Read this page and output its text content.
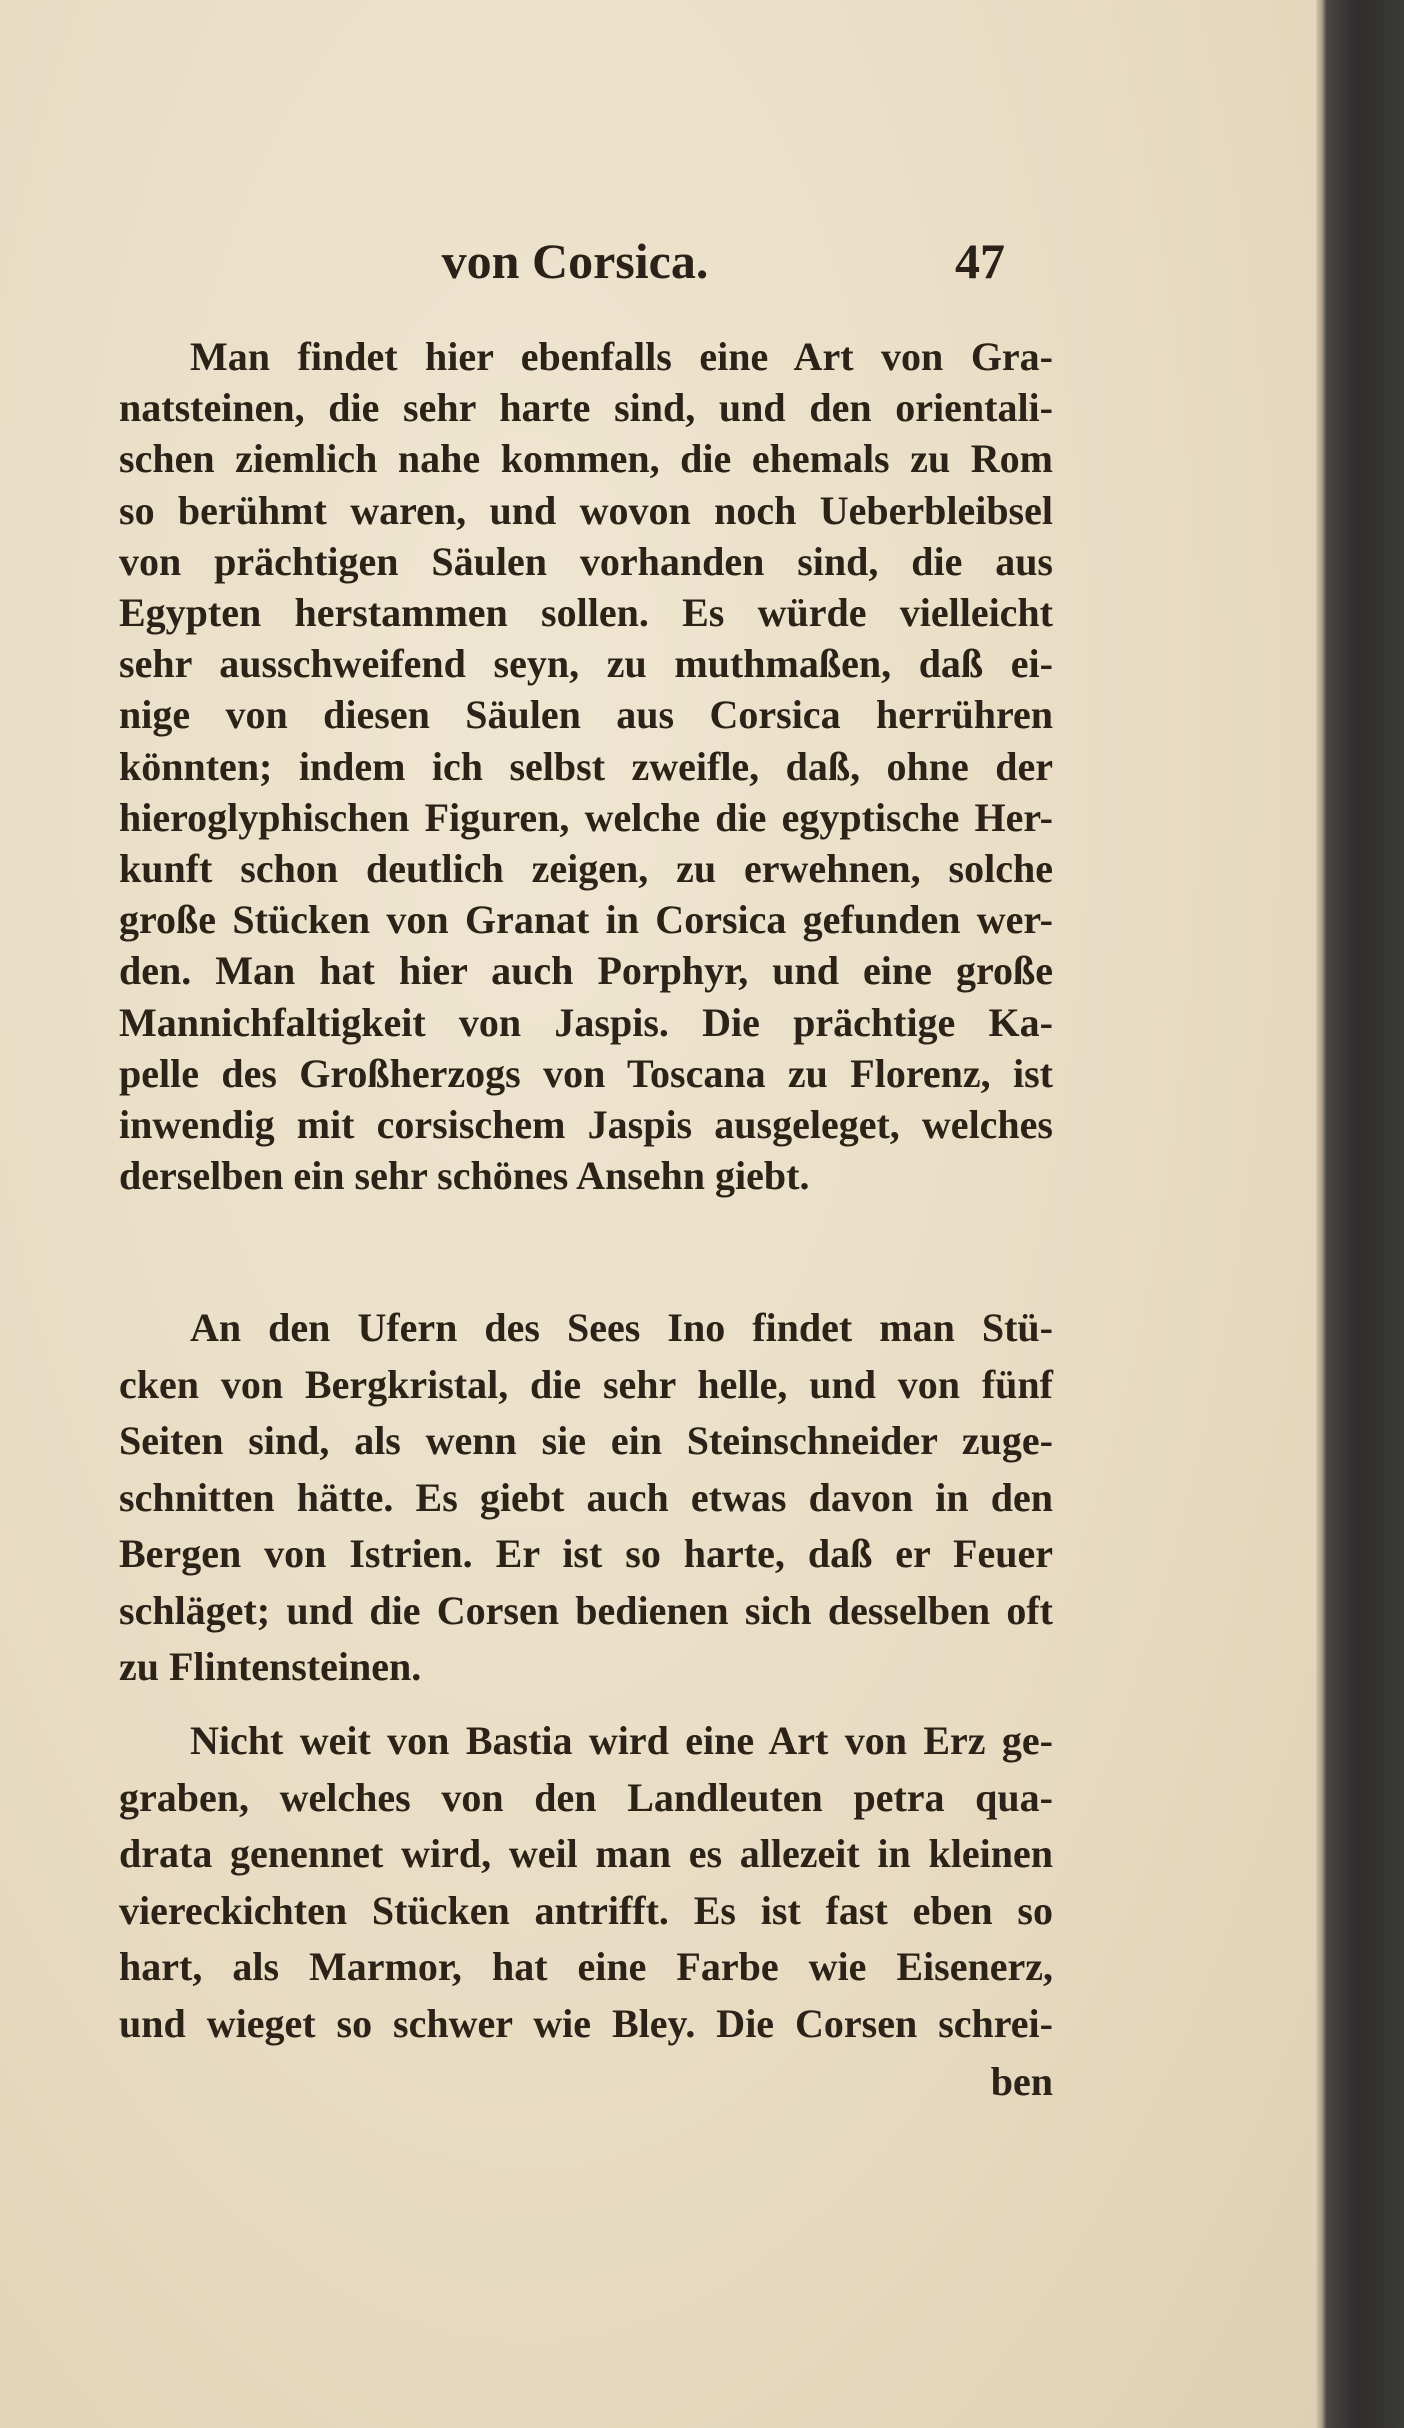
von Corsica.	47
Man findet hier ebenfalls eine Art von Gra-
natsteinen, die sehr harte sind, und den orientali-
schen ziemlich nahe kommen, die ehemals zu Rom
so berühmt waren, und wovon noch Ueberbleibsel
von prächtigen Säulen vorhanden sind, die aus
Egypten herstammen sollen. Es würde vielleicht
sehr ausschweifend seyn, zu muthmaßen, daß ei-
nige von diesen Säulen aus Corsica herrühren
könnten; indem ich selbst zweifle, daß, ohne der
hieroglyphischen Figuren, welche die egyptische Her-
kunft schon deutlich zeigen, zu erwehnen, solche
große Stücken von Granat in Corsica gefunden wer-
den. Man hat hier auch Porphyr, und eine große
Mannichfaltigkeit von Jaspis. Die prächtige Ka-
pelle des Großherzogs von Toscana zu Florenz, ist
inwendig mit corsischem Jaspis ausgeleget, welches
derselben ein sehr schönes Ansehn giebt.
An den Ufern des Sees Ino findet man Stü-
cken von Bergkristal, die sehr helle, und von fünf
Seiten sind, als wenn sie ein Steinschneider zuge-
schnitten hätte. Es giebt auch etwas davon in den
Bergen von Istrien. Er ist so harte, daß er Feuer
schläget; und die Corsen bedienen sich desselben oft
zu Flintensteinen.
Nicht weit von Bastia wird eine Art von Erz ge-
graben, welches von den Landleuten petra qua-
drata genennet wird, weil man es allezeit in kleinen
viereckichten Stücken antrifft. Es ist fast eben so
hart, als Marmor, hat eine Farbe wie Eisenerz,
und wieget so schwer wie Bley. Die Corsen schrei-
ben
